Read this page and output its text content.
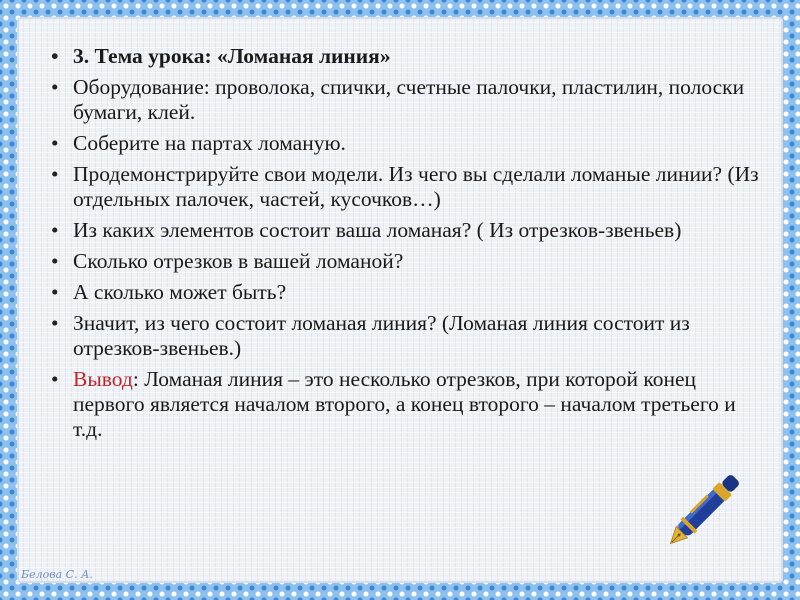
• 3. Тема урока: «Ломаная линия»
• Оборудование: проволока, спички, счетные палочки, пластилин, полоски бумаги, клей.
• Соберите на партах ломаную.
• Продемонстрируйте свои модели. Из чего вы сделали ломаные линии? (Из отдельных палочек, частей, кусочков…)
• Из каких элементов состоит ваша ломаная? ( Из отрезков-звеньев)
• Сколько отрезков в вашей ломаной?
• А сколько может быть?
• Значит, из чего состоит ломаная линия? (Ломаная линия состоит из отрезков-звеньев.)
• Вывод: Ломаная линия – это несколько отрезков, при которой конец первого является началом второго, а конец второго – началом третьего и т.д.
Белова С. А.
